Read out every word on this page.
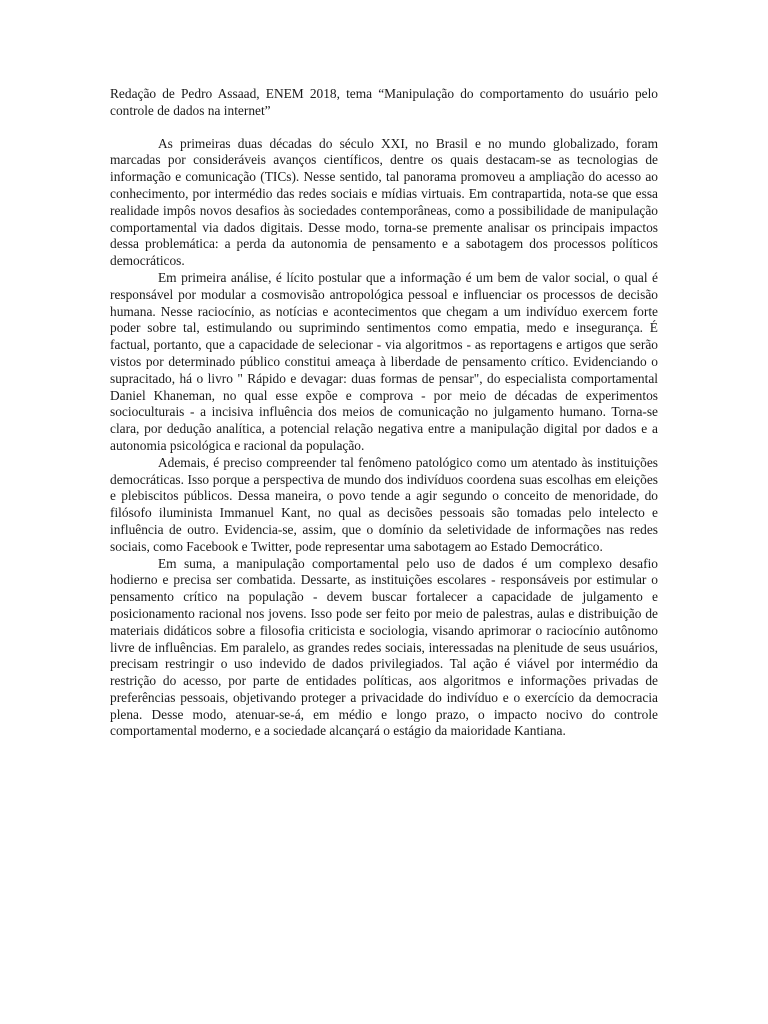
Redação de Pedro Assaad, ENEM 2018, tema “Manipulação do comportamento do usuário pelo controle de dados na internet”

As primeiras duas décadas do século XXI, no Brasil e no mundo globalizado, foram marcadas por consideráveis avanços científicos, dentre os quais destacam-se as tecnologias de informação e comunicação (TICs). Nesse sentido, tal panorama promoveu a ampliação do acesso ao conhecimento, por intermédio das redes sociais e mídias virtuais. Em contrapartida, nota-se que essa realidade impôs novos desafios às sociedades contemporâneas, como a possibilidade de manipulação comportamental via dados digitais. Desse modo, torna-se premente analisar os principais impactos dessa problemática: a perda da autonomia de pensamento e a sabotagem dos processos políticos democráticos.

Em primeira análise, é lícito postular que a informação é um bem de valor social, o qual é responsável por modular a cosmovisão antropológica pessoal e influenciar os processos de decisão humana. Nesse raciocínio, as notícias e acontecimentos que chegam a um indivíduo exercem forte poder sobre tal, estimulando ou suprimindo sentimentos como empatia, medo e insegurança. É factual, portanto, que a capacidade de selecionar - via algoritmos - as reportagens e artigos que serão vistos por determinado público constitui ameaça à liberdade de pensamento crítico. Evidenciando o supracitado, há o livro " Rápido e devagar: duas formas de pensar", do especialista comportamental Daniel Khaneman, no qual esse expõe e comprova - por meio de décadas de experimentos socioculturais - a incisiva influência dos meios de comunicação no julgamento humano. Torna-se clara, por dedução analítica, a potencial relação negativa entre a manipulação digital por dados e a autonomia psicológica e racional da população.

Ademais, é preciso compreender tal fenômeno patológico como um atentado às instituições democráticas. Isso porque a perspectiva de mundo dos indivíduos coordena suas escolhas em eleições e plebiscitos públicos. Dessa maneira, o povo tende a agir segundo o conceito de menoridade, do filósofo iluminista Immanuel Kant, no qual as decisões pessoais são tomadas pelo intelecto e influência de outro. Evidencia-se, assim, que o domínio da seletividade de informações nas redes sociais, como Facebook e Twitter, pode representar uma sabotagem ao Estado Democrático.

Em suma, a manipulação comportamental pelo uso de dados é um complexo desafio hodierno e precisa ser combatida. Dessarte, as instituições escolares - responsáveis por estimular o pensamento crítico na população - devem buscar fortalecer a capacidade de julgamento e posicionamento racional nos jovens. Isso pode ser feito por meio de palestras, aulas e distribuição de materiais didáticos sobre a filosofia criticista e sociologia, visando aprimorar o raciocínio autônomo livre de influências. Em paralelo, as grandes redes sociais, interessadas na plenitude de seus usuários, precisam restringir o uso indevido de dados privilegiados. Tal ação é viável por intermédio da restrição do acesso, por parte de entidades políticas, aos algoritmos e informações privadas de preferências pessoais, objetivando proteger a privacidade do indivíduo e o exercício da democracia plena. Desse modo, atenuar-se-á, em médio e longo prazo, o impacto nocivo do controle comportamental moderno, e a sociedade alcançará o estágio da maioridade Kantiana.
